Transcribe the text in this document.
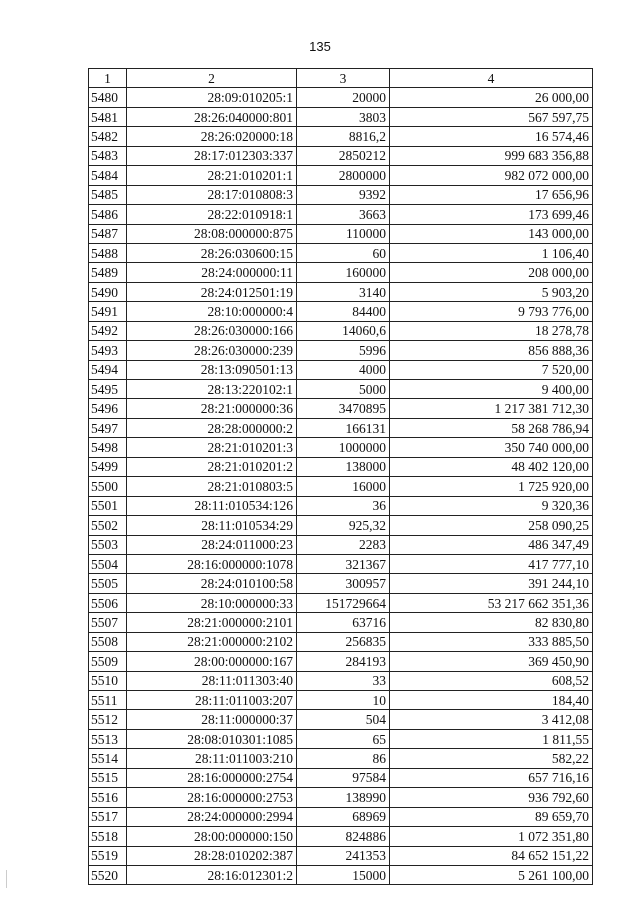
135
1	2	3	4
5480	28:09:010205:1	20000	26 000,00
5481	28:26:040000:801	3803	567 597,75
5482	28:26:020000:18	8816,2	16 574,46
5483	28:17:012303:337	2850212	999 683 356,88
5484	28:21:010201:1	2800000	982 072 000,00
5485	28:17:010808:3	9392	17 656,96
5486	28:22:010918:1	3663	173 699,46
5487	28:08:000000:875	110000	143 000,00
5488	28:26:030600:15	60	1 106,40
5489	28:24:000000:11	160000	208 000,00
5490	28:24:012501:19	3140	5 903,20
5491	28:10:000000:4	84400	9 793 776,00
5492	28:26:030000:166	14060,6	18 278,78
5493	28:26:030000:239	5996	856 888,36
5494	28:13:090501:13	4000	7 520,00
5495	28:13:220102:1	5000	9 400,00
5496	28:21:000000:36	3470895	1 217 381 712,30
5497	28:28:000000:2	166131	58 268 786,94
5498	28:21:010201:3	1000000	350 740 000,00
5499	28:21:010201:2	138000	48 402 120,00
5500	28:21:010803:5	16000	1 725 920,00
5501	28:11:010534:126	36	9 320,36
5502	28:11:010534:29	925,32	258 090,25
5503	28:24:011000:23	2283	486 347,49
5504	28:16:000000:1078	321367	417 777,10
5505	28:24:010100:58	300957	391 244,10
5506	28:10:000000:33	151729664	53 217 662 351,36
5507	28:21:000000:2101	63716	82 830,80
5508	28:21:000000:2102	256835	333 885,50
5509	28:00:000000:167	284193	369 450,90
5510	28:11:011303:40	33	608,52
5511	28:11:011003:207	10	184,40
5512	28:11:000000:37	504	3 412,08
5513	28:08:010301:1085	65	1 811,55
5514	28:11:011003:210	86	582,22
5515	28:16:000000:2754	97584	657 716,16
5516	28:16:000000:2753	138990	936 792,60
5517	28:24:000000:2994	68969	89 659,70
5518	28:00:000000:150	824886	1 072 351,80
5519	28:28:010202:387	241353	84 652 151,22
5520	28:16:012301:2	15000	5 261 100,00
